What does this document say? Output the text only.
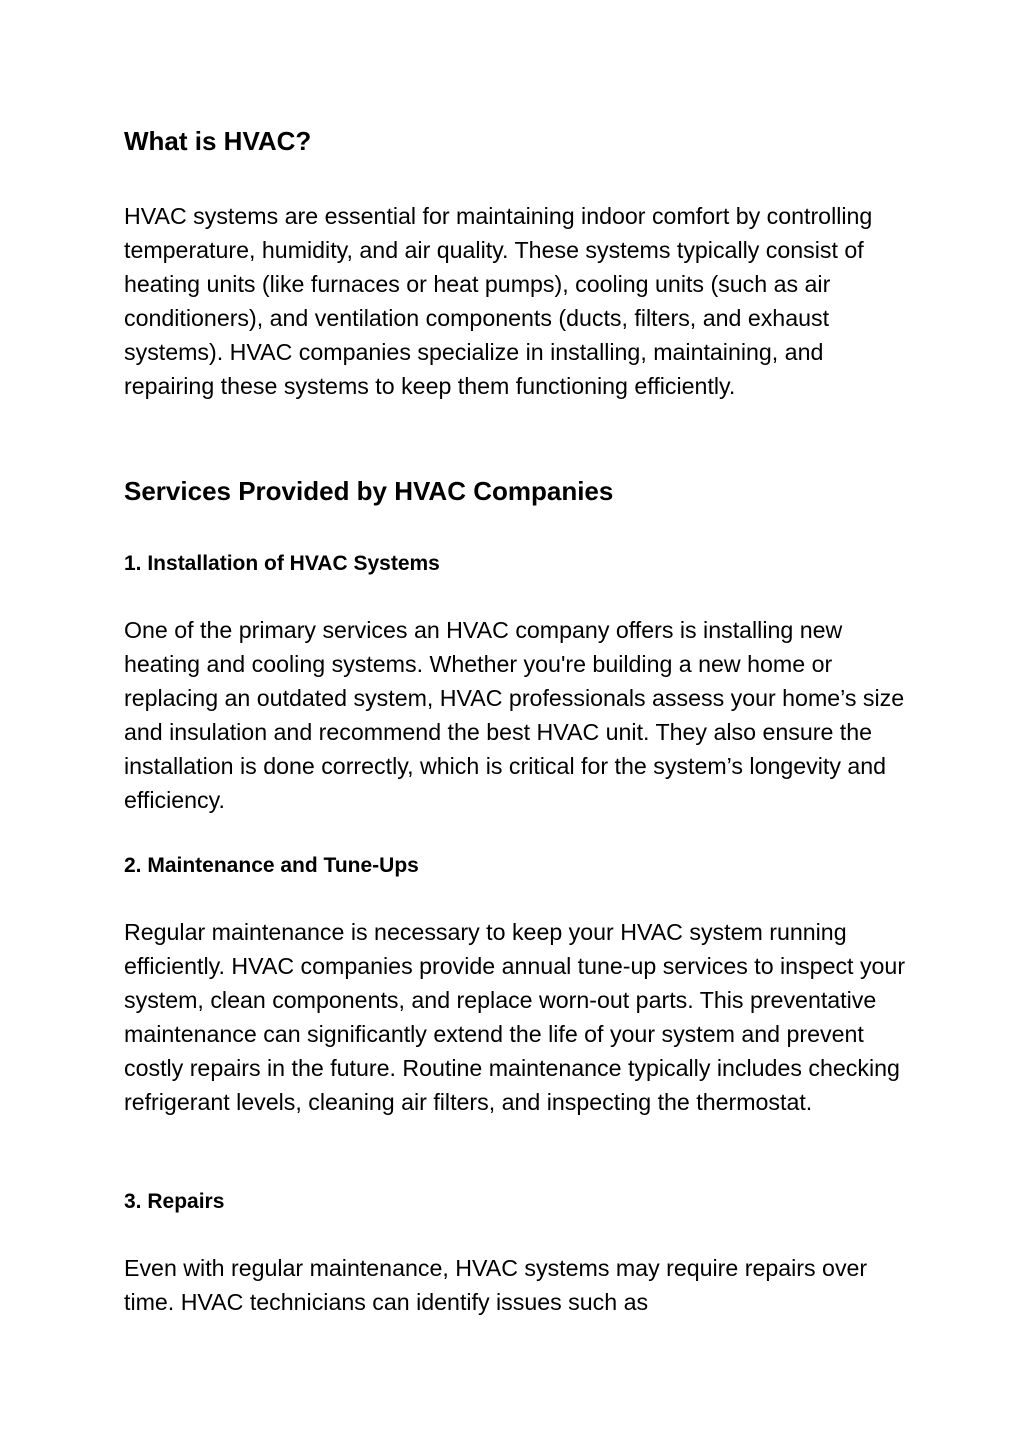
What is HVAC?

HVAC systems are essential for maintaining indoor comfort by controlling temperature, humidity, and air quality. These systems typically consist of heating units (like furnaces or heat pumps), cooling units (such as air conditioners), and ventilation components (ducts, filters, and exhaust systems). HVAC companies specialize in installing, maintaining, and repairing these systems to keep them functioning efficiently.

Services Provided by HVAC Companies
1. Installation of HVAC Systems

One of the primary services an HVAC company offers is installing new heating and cooling systems. Whether you're building a new home or replacing an outdated system, HVAC professionals assess your home’s size and insulation and recommend the best HVAC unit. They also ensure the installation is done correctly, which is critical for the system’s longevity and efficiency.

2. Maintenance and Tune-Ups

Regular maintenance is necessary to keep your HVAC system running efficiently. HVAC companies provide annual tune-up services to inspect your system, clean components, and replace worn-out parts. This preventative maintenance can significantly extend the life of your system and prevent costly repairs in the future. Routine maintenance typically includes checking refrigerant levels, cleaning air filters, and inspecting the thermostat.

3. Repairs

Even with regular maintenance, HVAC systems may require repairs over time. HVAC technicians can identify issues such as
